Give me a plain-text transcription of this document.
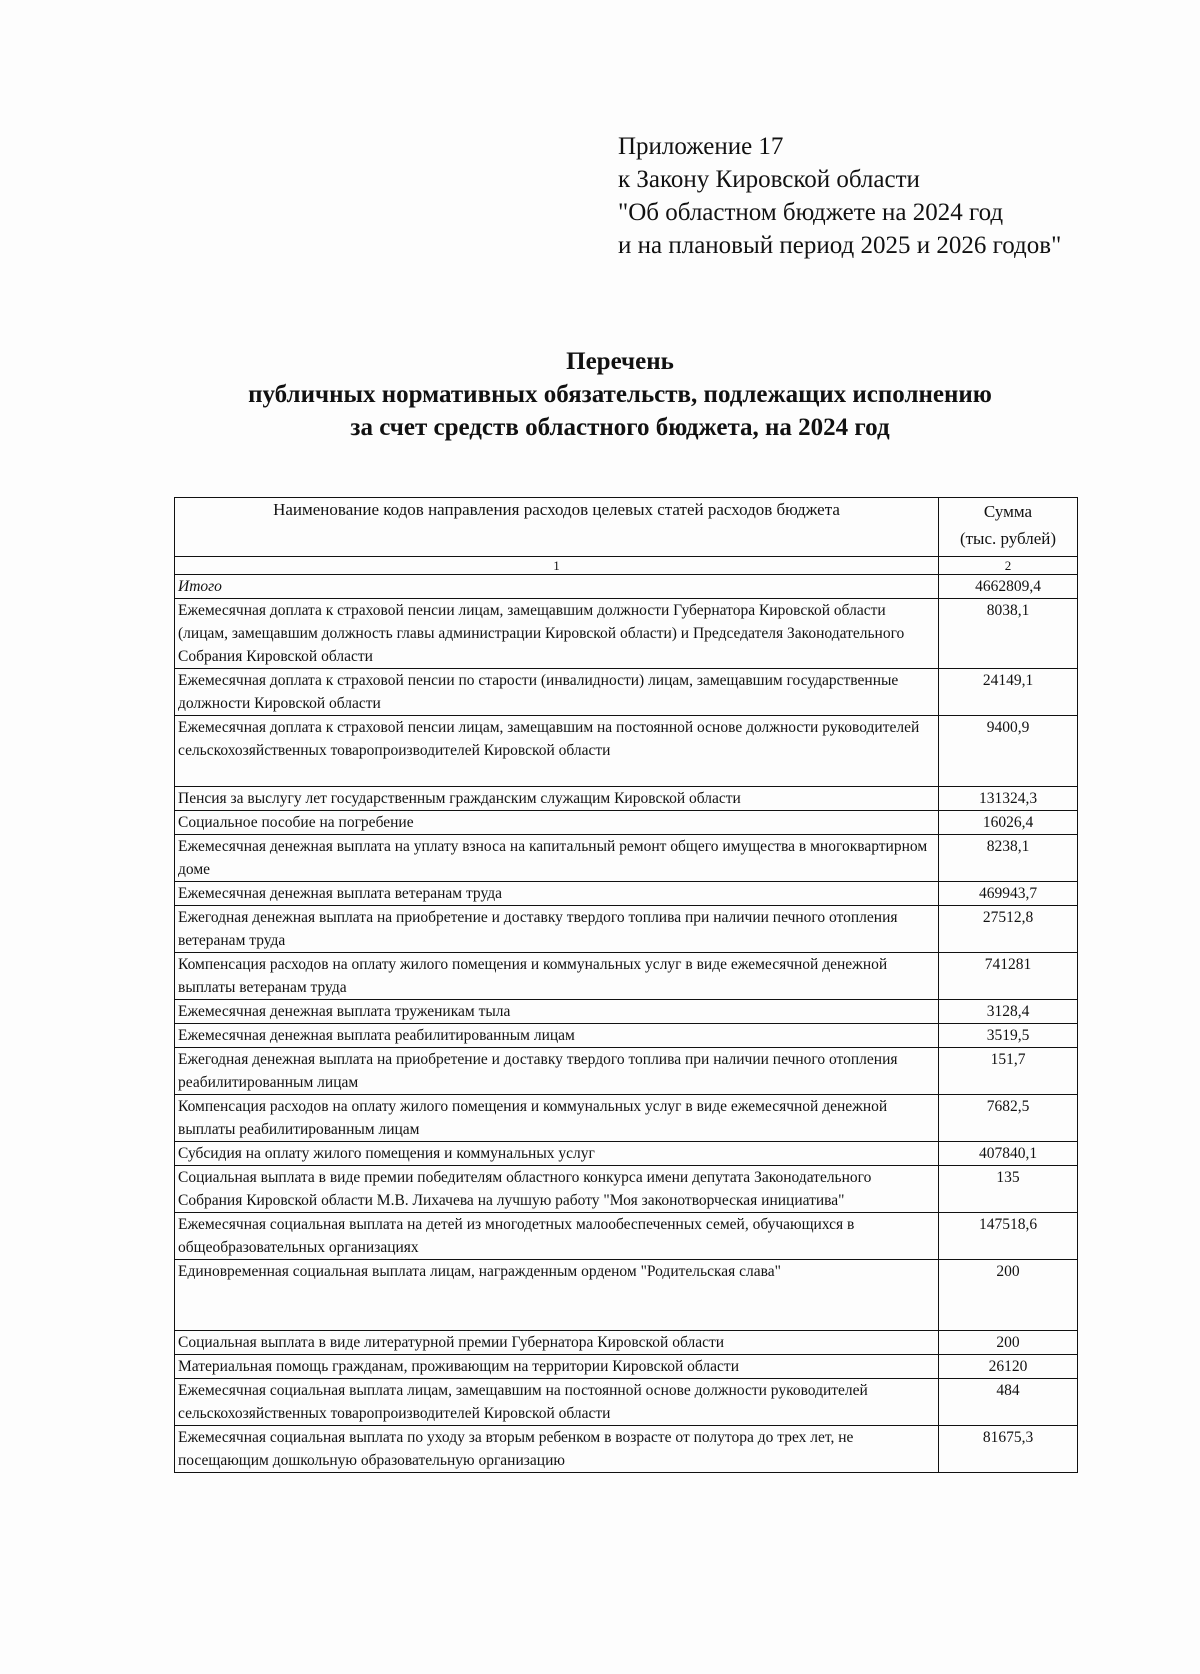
Приложение 17
к Закону Кировской области
"Об областном бюджете на 2024 год
и на плановый период 2025 и 2026 годов"
Перечень
публичных нормативных обязательств, подлежащих исполнению
за счет средств областного бюджета, на 2024 год
Наименование кодов направления расходов целевых статей расходов бюджета	Сумма
(тыс. рублей)

1	2
Итого	4662809,4
Ежемесячная доплата к страховой пенсии лицам, замещавшим должности Губернатора Кировской области (лицам, замещавшим должность главы администрации Кировской области) и Председателя Законодательного Собрания Кировской области	8038,1
Ежемесячная доплата к страховой пенсии по старости (инвалидности) лицам, замещавшим государственные должности Кировской области	24149,1
Ежемесячная доплата к страховой пенсии лицам, замещавшим на постоянной основе должности руководителей сельскохозяйственных товаропроизводителей Кировской области	9400,9
Пенсия за выслугу лет государственным гражданским служащим Кировской области	131324,3
Социальное пособие на погребение	16026,4
Ежемесячная денежная выплата на уплату взноса на капитальный ремонт общего имущества в многоквартирном доме	8238,1
Ежемесячная денежная выплата ветеранам труда	469943,7
Ежегодная денежная выплата на приобретение и доставку твердого топлива при наличии печного отопления ветеранам труда	27512,8
Компенсация расходов на оплату жилого помещения и коммунальных услуг в виде ежемесячной денежной выплаты ветеранам труда	741281
Ежемесячная денежная выплата труженикам тыла	3128,4
Ежемесячная денежная выплата реабилитированным лицам	3519,5
Ежегодная денежная выплата на приобретение и доставку твердого топлива при наличии печного отопления реабилитированным лицам	151,7
Компенсация расходов на оплату жилого помещения и коммунальных услуг в виде ежемесячной денежной выплаты реабилитированным лицам	7682,5
Субсидия на оплату жилого помещения и коммунальных услуг	407840,1
Социальная выплата в виде премии победителям областного конкурса имени депутата Законодательного Собрания Кировской области М.В. Лихачева на лучшую работу "Моя законотворческая инициатива"	135
Ежемесячная социальная выплата на детей из многодетных малообеспеченных семей, обучающихся в общеобразовательных организациях	147518,6
Единовременная социальная выплата лицам, награжденным орденом "Родительская слава"	200
Социальная выплата в виде литературной премии Губернатора Кировской области	200
Материальная помощь гражданам, проживающим на территории Кировской области	26120
Ежемесячная социальная выплата лицам, замещавшим на постоянной основе должности руководителей сельскохозяйственных товаропроизводителей Кировской области	484
Ежемесячная социальная выплата по уходу за вторым ребенком в возрасте от полутора до трех лет, не посещающим дошкольную образовательную организацию	81675,3
